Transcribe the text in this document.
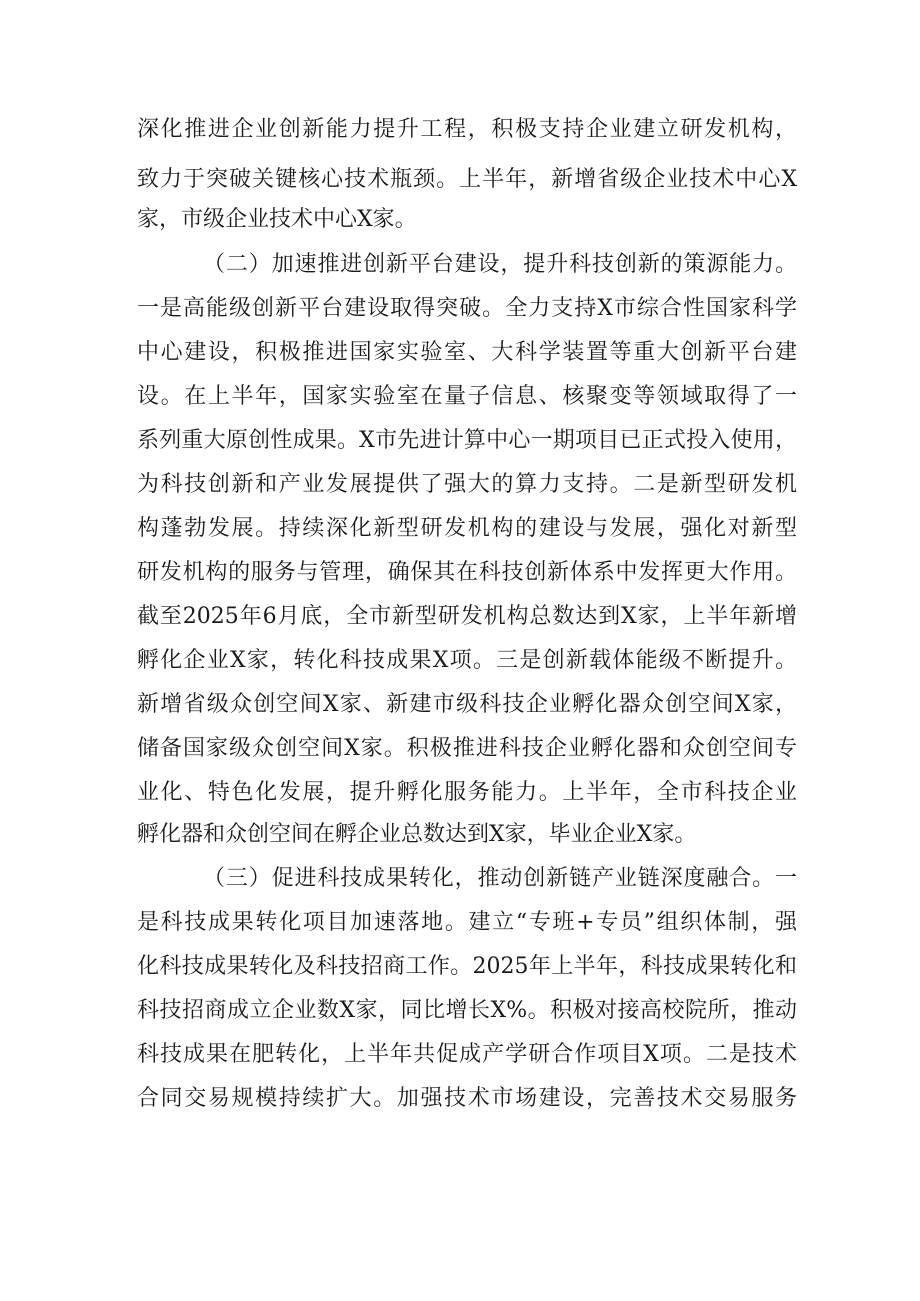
深化推进企业创新能力提升工程，积极支持企业建立研发机构，
致力于突破关键核心技术瓶颈。上半年，新增省级企业技术中心X
家，市级企业技术中心X家。
（二）加速推进创新平台建设，提升科技创新的策源能力。
一是高能级创新平台建设取得突破。全力支持X市综合性国家科学
中心建设，积极推进国家实验室、大科学装置等重大创新平台建
设。在上半年，国家实验室在量子信息、核聚变等领域取得了一
系列重大原创性成果。X市先进计算中心一期项目已正式投入使用，
为科技创新和产业发展提供了强大的算力支持。二是新型研发机
构蓬勃发展。持续深化新型研发机构的建设与发展，强化对新型
研发机构的服务与管理，确保其在科技创新体系中发挥更大作用。
截至2025年6月底，全市新型研发机构总数达到X家，上半年新增
孵化企业X家，转化科技成果X项。三是创新载体能级不断提升。
新增省级众创空间X家、新建市级科技企业孵化器众创空间X家，
储备国家级众创空间X家。积极推进科技企业孵化器和众创空间专
业化、特色化发展，提升孵化服务能力。上半年，全市科技企业
孵化器和众创空间在孵企业总数达到X家，毕业企业X家。
（三）促进科技成果转化，推动创新链产业链深度融合。一
是科技成果转化项目加速落地。建立“专班+专员”组织体制，强
化科技成果转化及科技招商工作。2025年上半年，科技成果转化和
科技招商成立企业数X家，同比增长X%。积极对接高校院所，推动
科技成果在肥转化，上半年共促成产学研合作项目X项。二是技术
合同交易规模持续扩大。加强技术市场建设，完善技术交易服务
